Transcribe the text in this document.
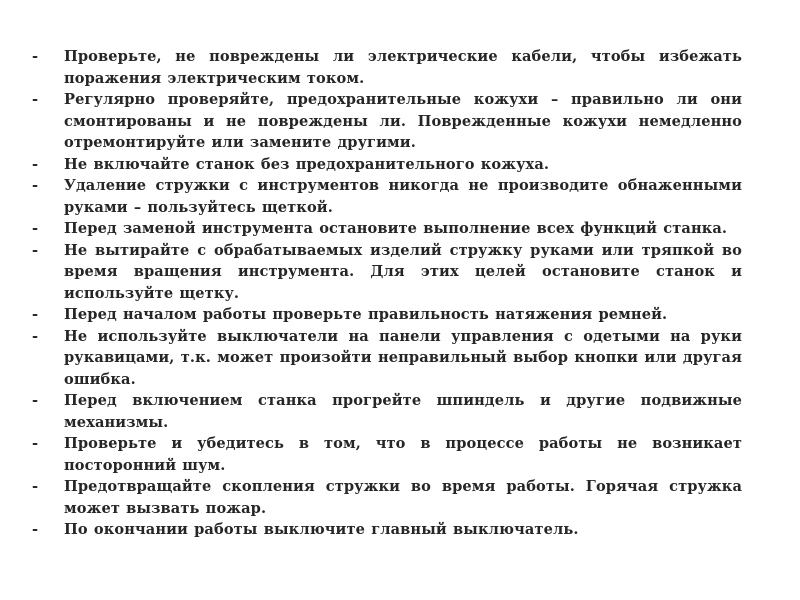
-	Проверьте, не повреждены ли электрические кабели, чтобы избежать поражения электрическим током.
-	Регулярно проверяйте, предохранительные кожухи – правильно ли они смонтированы и не повреждены ли. Поврежденные кожухи немедленно отремонтируйте или замените другими.
-	Не включайте станок без предохранительного кожуха.
-	Удаление стружки с инструментов никогда не производите обнаженными руками – пользуйтесь щеткой.
-	Перед заменой инструмента остановите выполнение всех функций станка.
-	Не вытирайте с обрабатываемых изделий стружку руками или тряпкой во время вращения инструмента. Для этих целей остановите станок и используйте щетку.
-	Перед началом работы проверьте правильность натяжения ремней.
-	Не используйте выключатели на панели управления с одетыми на руки рукавицами, т.к. может произойти неправильный выбор кнопки или другая ошибка.
-	Перед включением станка прогрейте шпиндель и другие подвижные механизмы.
-	Проверьте и убедитесь в том, что в процессе работы не возникает посторонний шум.
-	Предотвращайте скопления стружки во время работы. Горячая стружка может вызвать пожар.
-	По окончании работы выключите главный выключатель.
